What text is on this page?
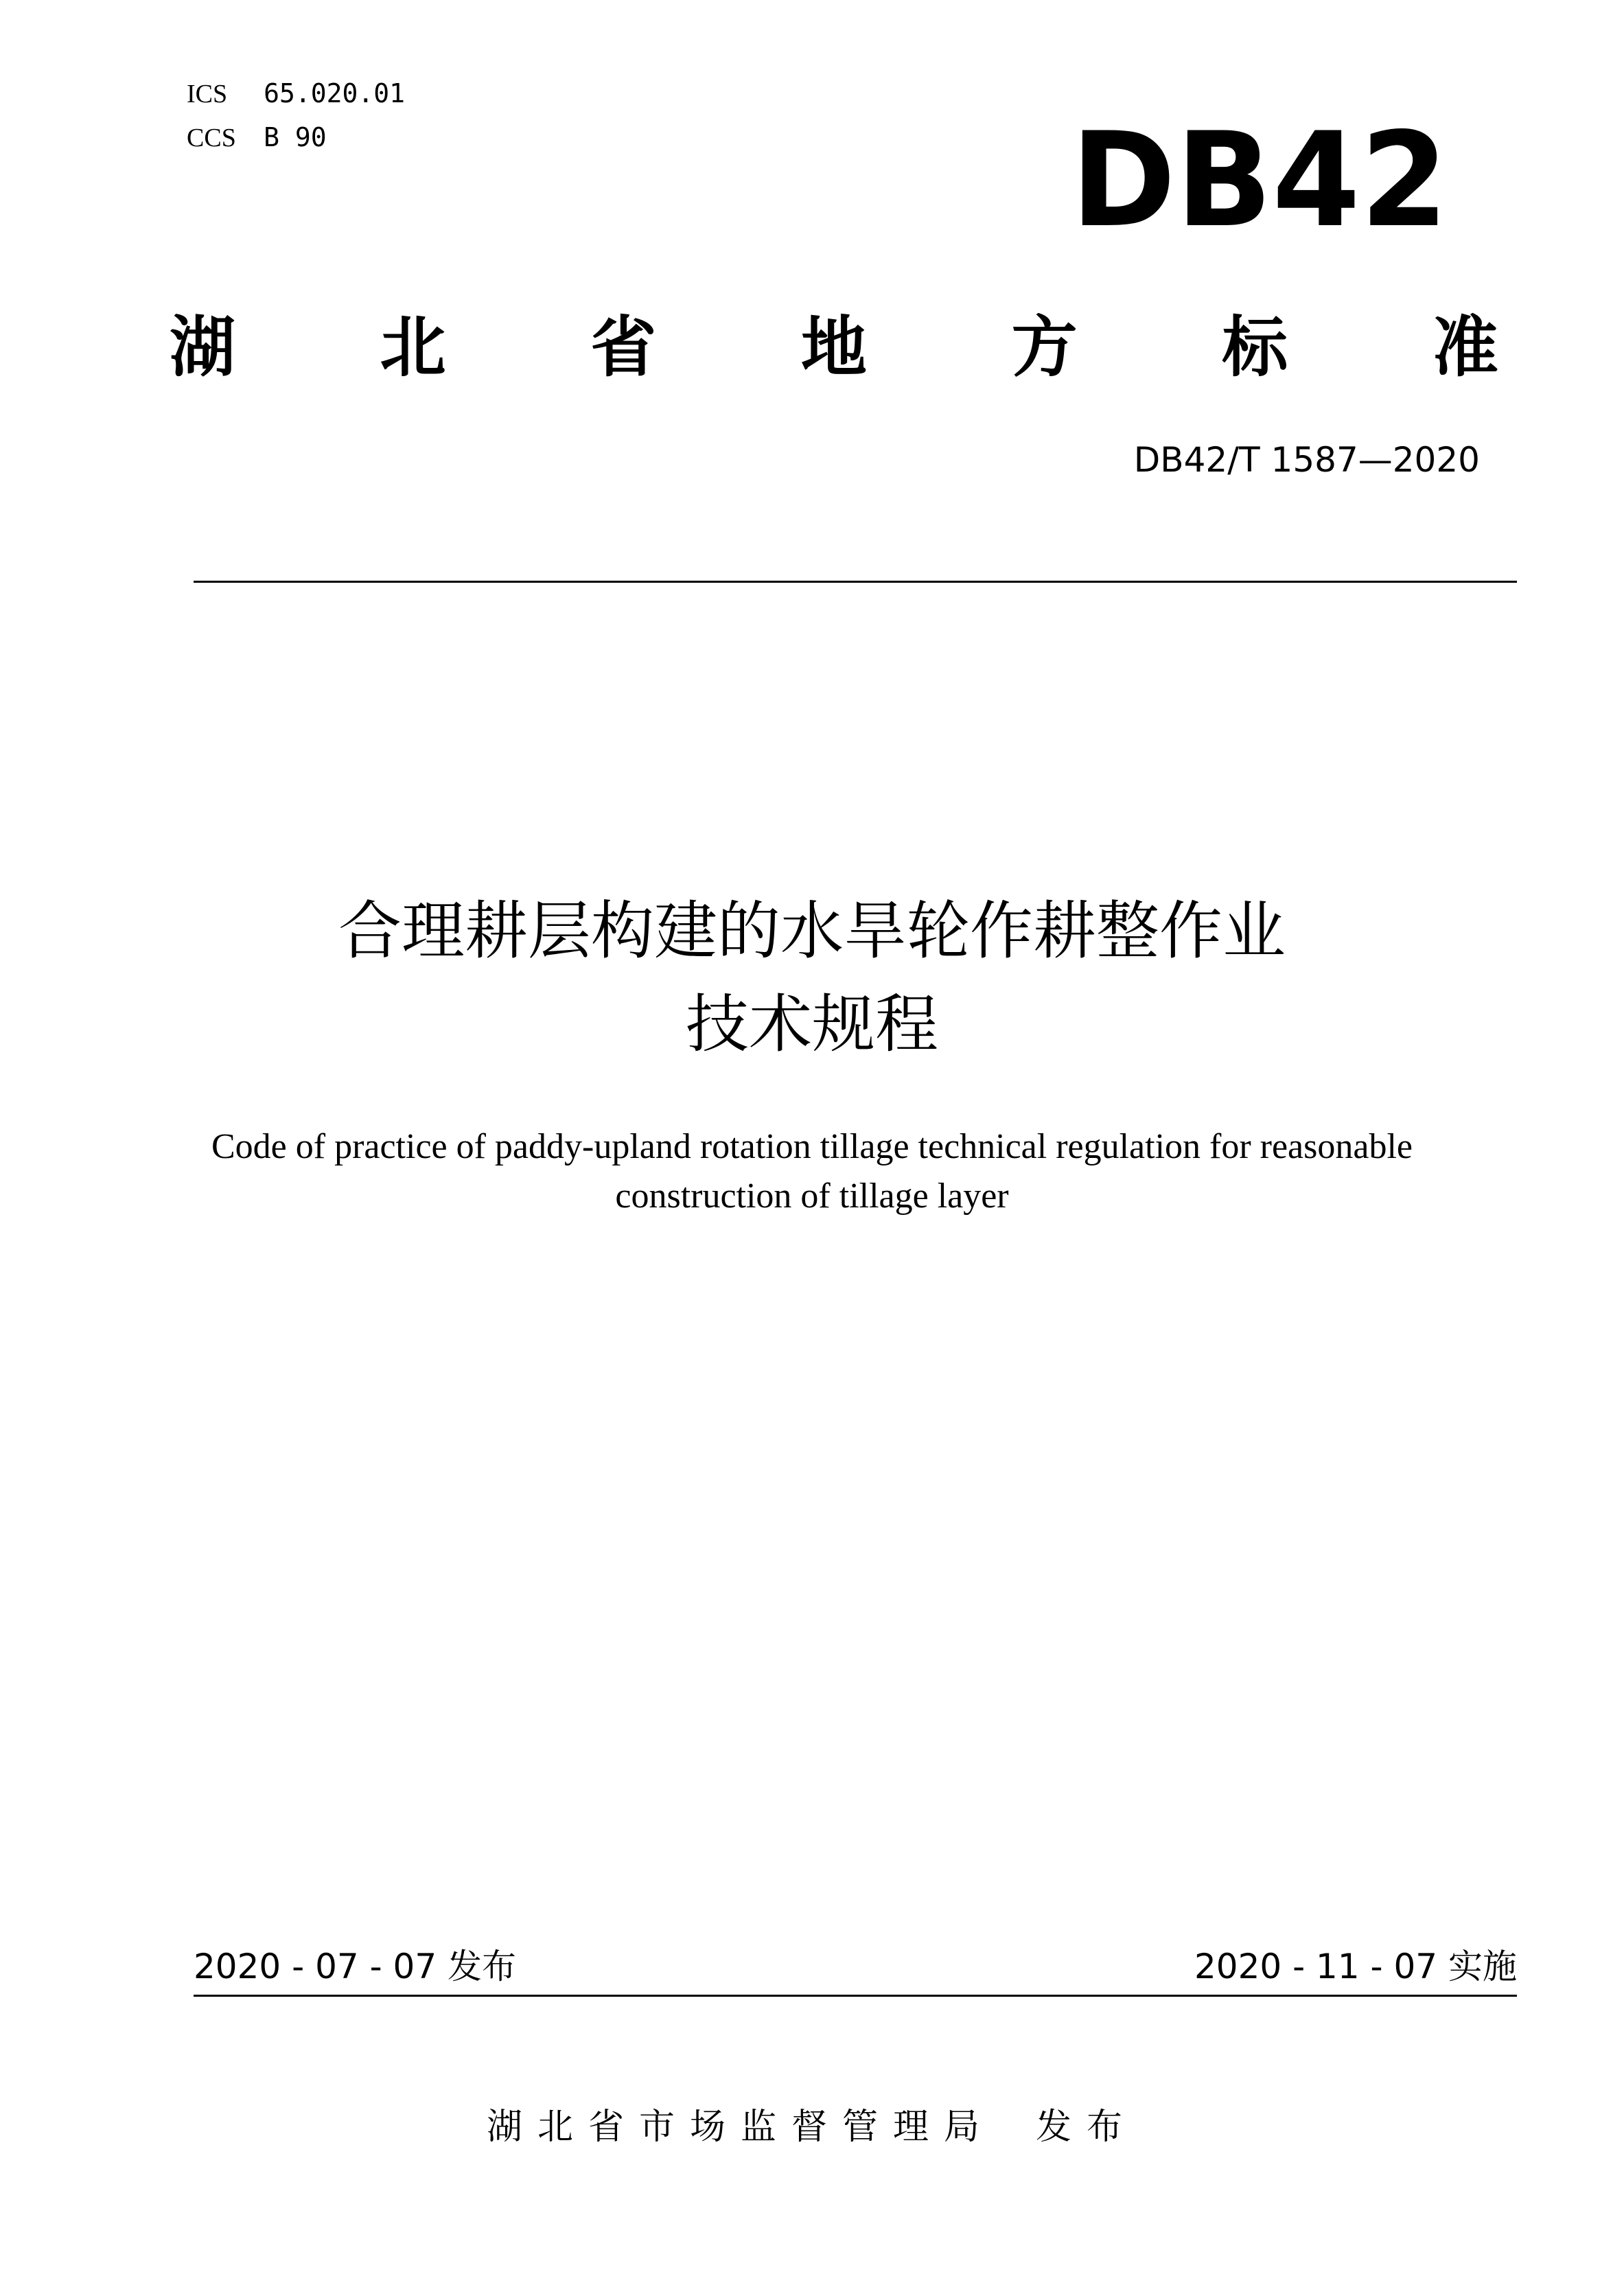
ICS 65.020.01
CCS B 90	DB42
湖 北 省 地 方 标 准
DB42/T 1587—2020
合理耕层构建的水旱轮作耕整作业
技术规程
Code of practice of paddy-upland rotation tillage technical regulation for reasonable
construction of tillage layer
2020 - 07 - 07 发布	2020 - 11 - 07 实施
湖北省市场监督管理局 发布
